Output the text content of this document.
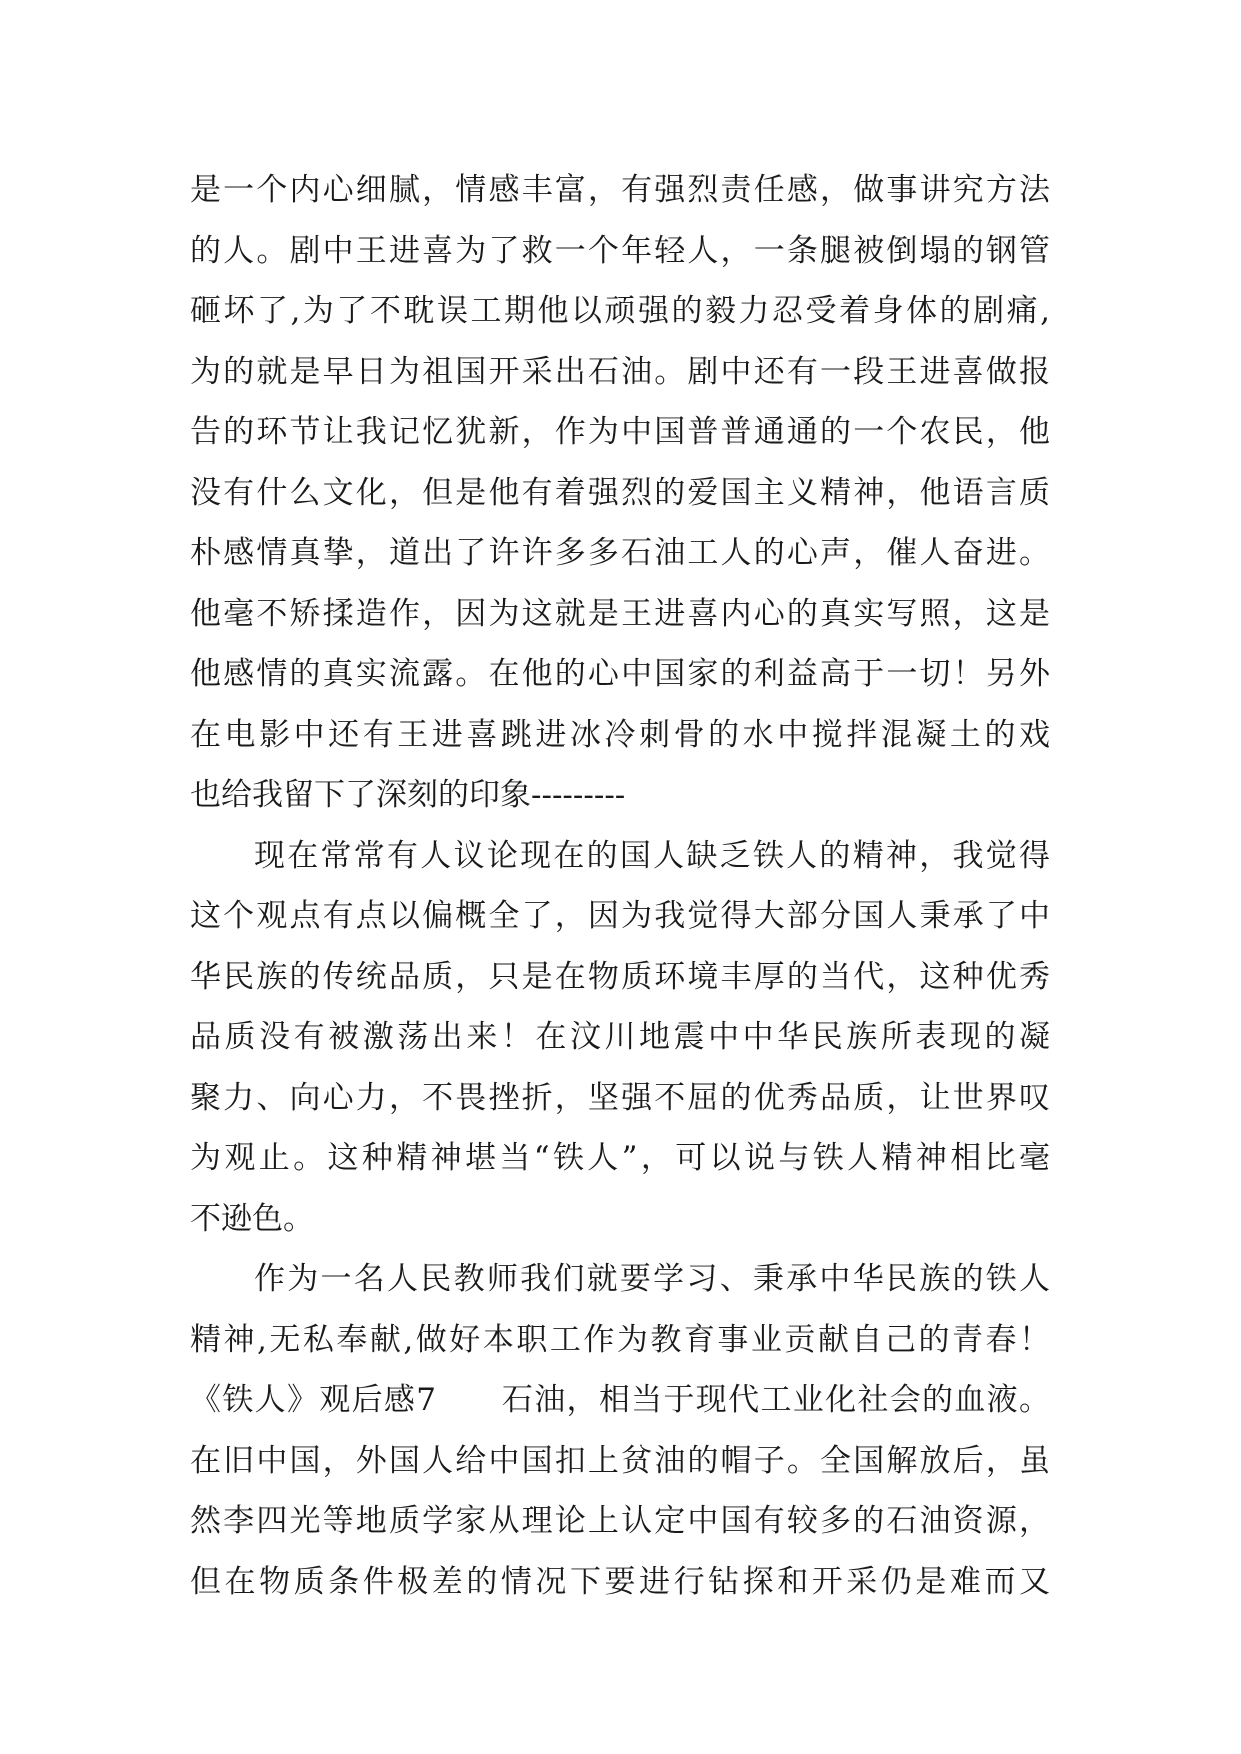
是一个内心细腻，情感丰富，有强烈责任感，做事讲究方法
的人。剧中王进喜为了救一个年轻人，一条腿被倒塌的钢管
砸坏了,为了不耽误工期他以顽强的毅力忍受着身体的剧痛,
为的就是早日为祖国开采出石油。剧中还有一段王进喜做报
告的环节让我记忆犹新，作为中国普普通通的一个农民，他
没有什么文化，但是他有着强烈的爱国主义精神，他语言质
朴感情真挚，道出了许许多多石油工人的心声，催人奋进。
他毫不矫揉造作，因为这就是王进喜内心的真实写照，这是
他感情的真实流露。在他的心中国家的利益高于一切！另外
在电影中还有王进喜跳进冰冷刺骨的水中搅拌混凝土的戏
也给我留下了深刻的印象---------
现在常常有人议论现在的国人缺乏铁人的精神，我觉得
这个观点有点以偏概全了，因为我觉得大部分国人秉承了中
华民族的传统品质，只是在物质环境丰厚的当代，这种优秀
品质没有被激荡出来！在汶川地震中中华民族所表现的凝
聚力、向心力，不畏挫折，坚强不屈的优秀品质，让世界叹
为观止。这种精神堪当“铁人”，可以说与铁人精神相比毫
不逊色。
作为一名人民教师我们就要学习、秉承中华民族的铁人
精神,无私奉献,做好本职工作为教育事业贡献自己的青春！
《铁人》观后感7　　石油，相当于现代工业化社会的血液。
在旧中国，外国人给中国扣上贫油的帽子。全国解放后，虽
然李四光等地质学家从理论上认定中国有较多的石油资源，
但在物质条件极差的情况下要进行钻探和开采仍是难而又
